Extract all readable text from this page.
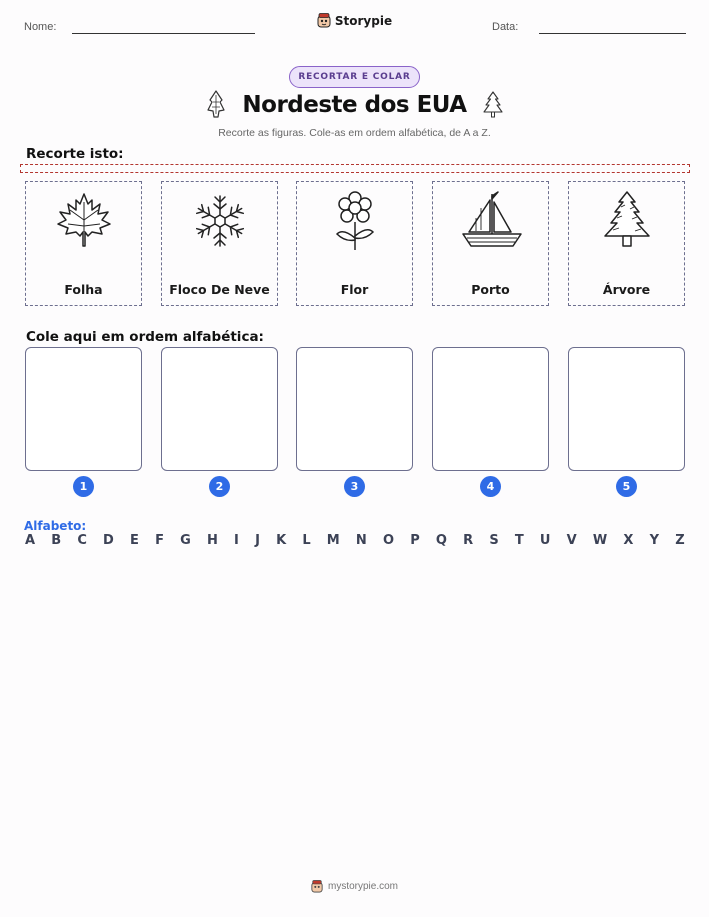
Nome:	Storypie	Data:
RECORTAR E COLAR
Nordeste dos EUA
Recorte as figuras. Cole-as em ordem alfabética, de A a Z.
Recorte isto:
Folha	Floco De Neve	Flor	Porto	Árvore
Cole aqui em ordem alfabética:
1	2	3	4	5
Alfabeto:
A B C D E F G H I J K L M N O P Q R S T U V W X Y Z
mystorypie.com
